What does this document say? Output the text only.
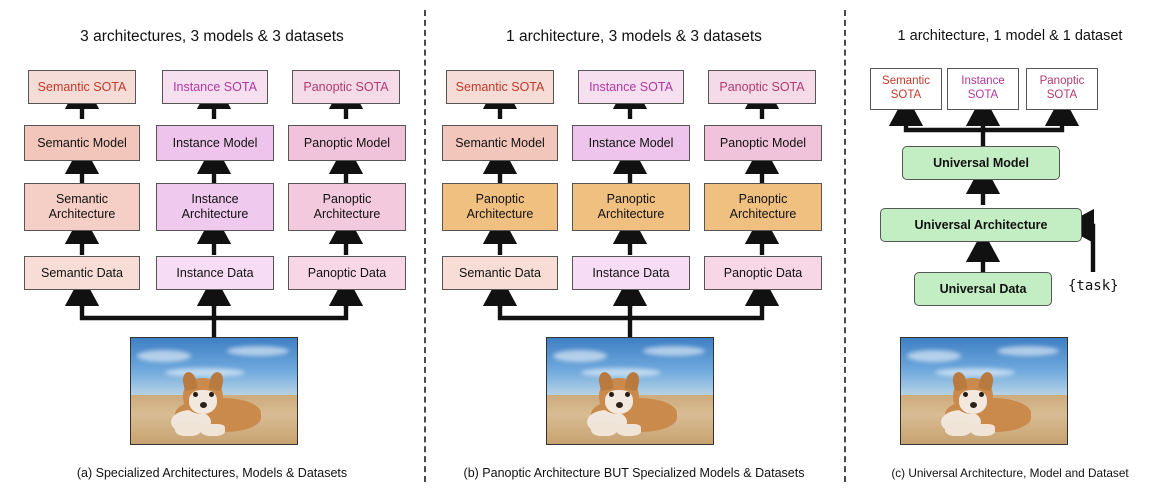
3 architectures, 3 models & 3 datasets
Semantic SOTA	Instance SOTA	Panoptic SOTA
Semantic Model	Instance Model	Panoptic Model
Semantic
Architecture
Instance
Architecture
Panoptic
Architecture
Semantic Data	Instance Data	Panoptic Data
(a) Specialized Architectures, Models & Datasets
1 architecture, 3 models & 3 datasets
Semantic SOTA	Instance SOTA	Panoptic SOTA
Semantic Model	Instance Model	Panoptic Model
Panoptic
Architecture
Panoptic
Architecture
Panoptic
Architecture
Semantic Data	Instance Data	Panoptic Data
(b) Panoptic Architecture BUT Specialized Models & Datasets
1 architecture, 1 model & 1 dataset
Semantic
SOTA
Instance
SOTA
Panoptic
SOTA
Universal Model
Universal Architecture
Universal Data	{task}
(c) Universal Architecture, Model and Dataset
